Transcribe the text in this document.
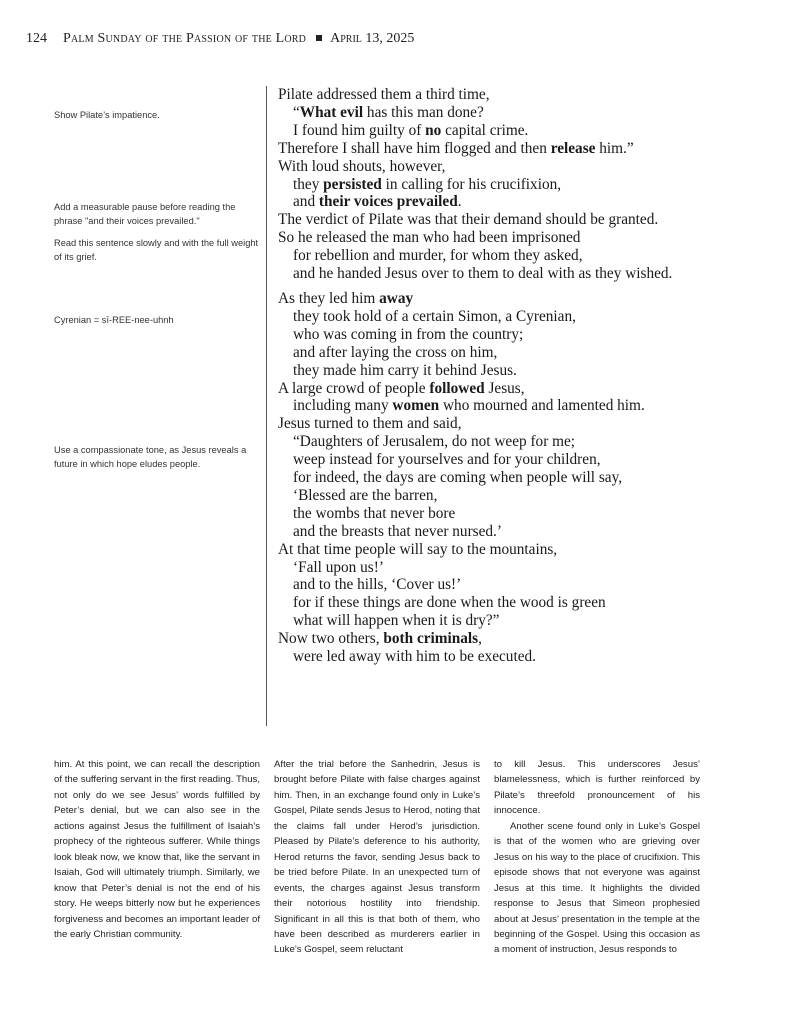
124 Palm Sunday of the Passion of the Lord April 13, 2025
Show Pilate’s impatience.
Add a measurable pause before reading the phrase "and their voices prevailed."
Read this sentence slowly and with the full weight of its grief.
Cyrenian = sī-REE-nee-uhnh
Use a compassionate tone, as Jesus reveals a future in which hope eludes people.
Pilate addressed them a third time,
“What evil has this man done?
I found him guilty of no capital crime.
Therefore I shall have him flogged and then release him.”
With loud shouts, however,
they persisted in calling for his crucifixion,
and their voices prevailed.
The verdict of Pilate was that their demand should be granted.
So he released the man who had been imprisoned
for rebellion and murder, for whom they asked,
and he handed Jesus over to them to deal with as they wished.
As they led him away
they took hold of a certain Simon, a Cyrenian,
who was coming in from the country;
and after laying the cross on him,
they made him carry it behind Jesus.
A large crowd of people followed Jesus,
including many women who mourned and lamented him.
Jesus turned to them and said,
“Daughters of Jerusalem, do not weep for me;
weep instead for yourselves and for your children,
for indeed, the days are coming when people will say,
‘Blessed are the barren,
the wombs that never bore
and the breasts that never nursed.’
At that time people will say to the mountains,
‘Fall upon us!’
and to the hills, ‘Cover us!’
for if these things are done when the wood is green
what will happen when it is dry?”
Now two others, both criminals,
were led away with him to be executed.

him. At this point, we can recall the description of the suffering servant in the first reading. Thus, not only do we see Jesus’ words fulfilled by Peter’s denial, but we can also see in the actions against Jesus the fulfillment of Isaiah’s prophecy of the righteous sufferer. While things look bleak now, we know that, like the servant in Isaiah, God will ultimately triumph. Similarly, we know that Peter’s denial is not the end of his story. He weeps bitterly now but he experiences forgiveness and becomes an important leader of the early Christian community.

After the trial before the Sanhedrin, Jesus is brought before Pilate with false charges against him. Then, in an exchange found only in Luke’s Gospel, Pilate sends Jesus to Herod, noting that the claims fall under Herod’s jurisdiction. Pleased by Pilate’s deference to his authority, Herod returns the favor, sending Jesus back to be tried before Pilate. In an unexpected turn of events, the charges against Jesus transform their notorious hostility into friendship. Significant in all this is that both of them, who have been described as murderers earlier in Luke’s Gospel, seem reluctant

to kill Jesus. This underscores Jesus’ blamelessness, which is further reinforced by Pilate’s threefold pronouncement of his innocence.

Another scene found only in Luke’s Gospel is that of the women who are grieving over Jesus on his way to the place of crucifixion. This episode shows that not everyone was against Jesus at this time. It highlights the divided response to Jesus that Simeon prophesied about at Jesus’ presentation in the temple at the beginning of the Gospel. Using this occasion as a moment of instruction, Jesus responds to
